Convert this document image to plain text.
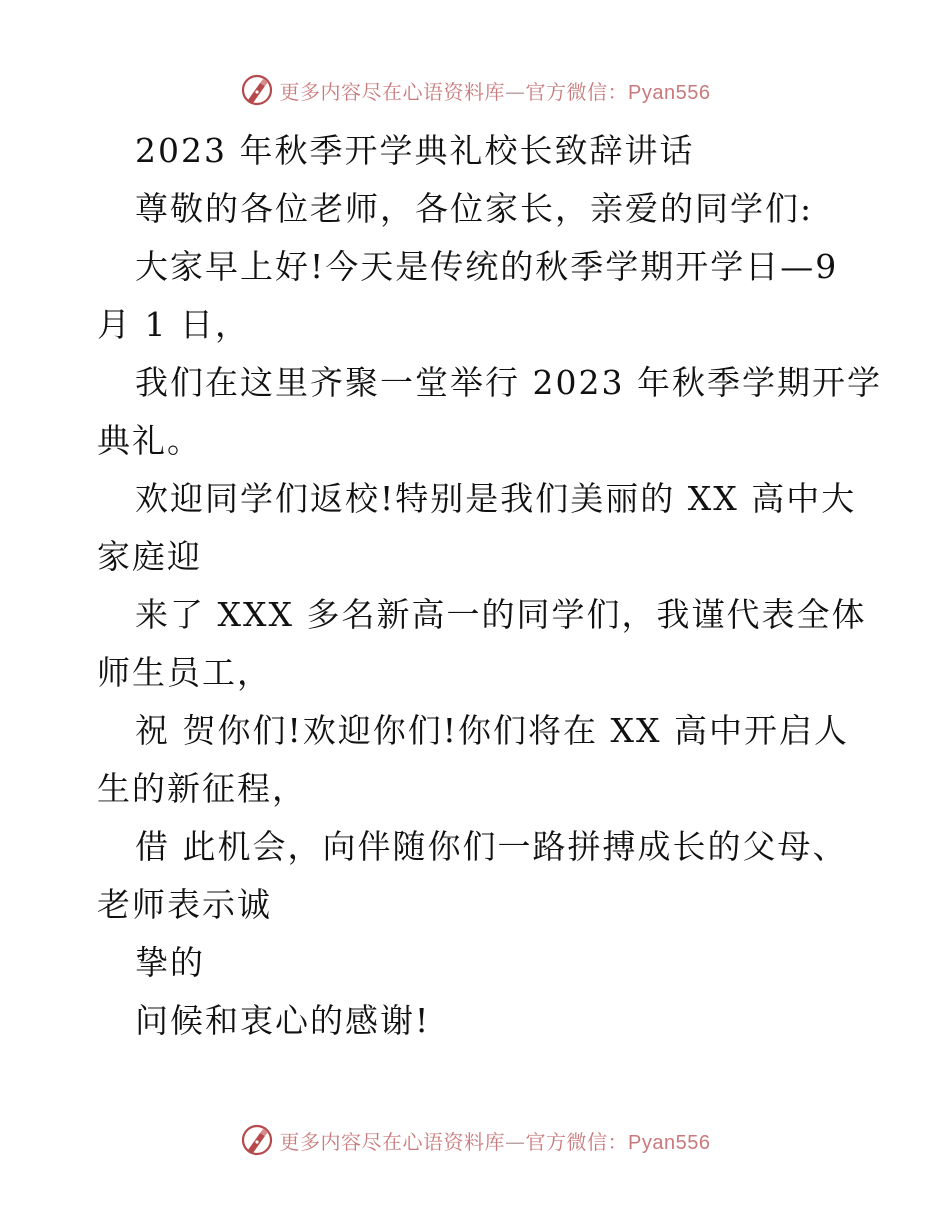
更多内容尽在心语资料库—官方微信：Pyan556
2023 年秋季开学典礼校长致辞讲话
尊敬的各位老师，各位家长，亲爱的同学们:
大家早上好!今天是传统的秋季学期开学日—9
月 1 日，
我们在这里齐聚一堂举行 2023 年秋季学期开学
典礼。
欢迎同学们返校!特别是我们美丽的 XX 高中大
家庭迎
来了 XXX 多名新高一的同学们，我谨代表全体
师生员工，
祝 贺你们!欢迎你们!你们将在 XX 高中开启人
生的新征程，
借 此机会，向伴随你们一路拼搏成长的父母、
老师表示诚
挚的
问候和衷心的感谢!
更多内容尽在心语资料库—官方微信：Pyan556
